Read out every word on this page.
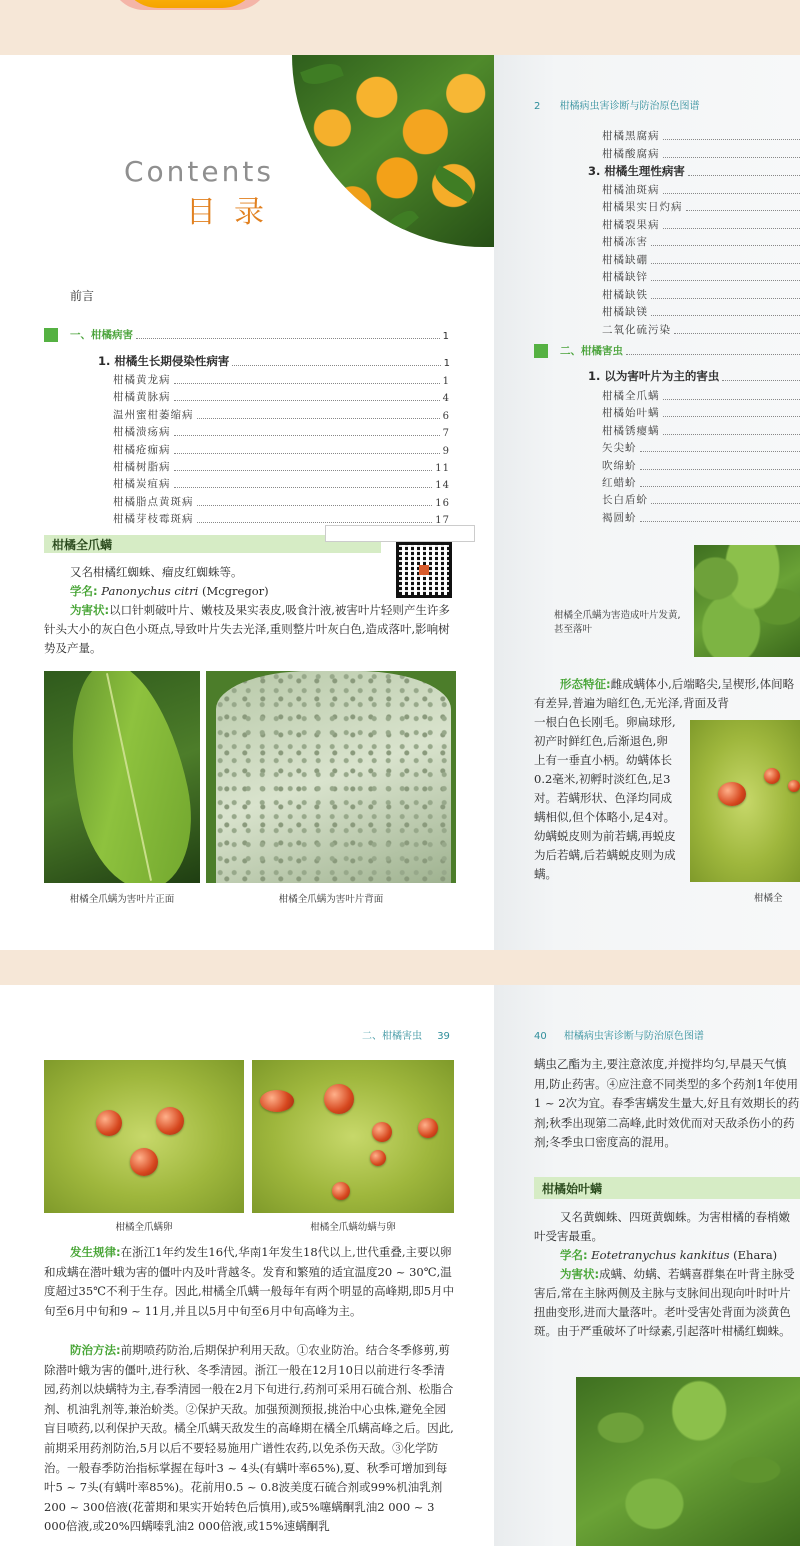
Contents
目录
前言
一、柑橘病害	1
1. 柑橘生长期侵染性病害	1
柑橘黄龙病	1
柑橘黄脉病	4
温州蜜柑萎缩病	6
柑橘溃疡病	7
柑橘疮痂病	9
柑橘树脂病	11
柑橘炭疽病	14
柑橘脂点黄斑病	16
柑橘芽枝霉斑病	17
2 柑橘病虫害诊断与防治原色图谱
柑橘黑腐病
柑橘酸腐病
3. 柑橘生理性病害
柑橘油斑病
柑橘果实日灼病
柑橘裂果病
柑橘冻害
柑橘缺硼
柑橘缺锌
柑橘缺铁
柑橘缺镁
二氧化硫污染
二、柑橘害虫
1. 以为害叶片为主的害虫
柑橘全爪螨
柑橘始叶螨
柑橘锈瘿螨
矢尖蚧
吹绵蚧
红蜡蚧
长白盾蚧
褐圆蚧
柑橘全爪螨
又名柑橘红蜘蛛、瘤皮红蜘蛛等。
学名: Panonychus citri (Mcgregor)
为害状:以口针刺破叶片、嫩枝及果实表皮,吸食汁液,被害叶片轻则产生许多针头大小的灰白色小斑点,导致叶片失去光泽,重则整片叶灰白色,造成落叶,影响树势及产量。
柑橘全爪螨为害叶片正面	柑橘全爪螨为害叶片背面
柑橘全爪螨为害造成叶片发黄,甚至落叶
形态特征:雌成螨体小,后端略尖,呈楔形,体间略有差异,普遍为暗红色,无光泽,背面及背
一根白色长刚毛。卵扁球形,初产时鲜红色,后渐退色,卵上有一垂直小柄。幼螨体长0.2毫米,初孵时淡红色,足3对。若螨形状、色泽均同成螨相似,但个体略小,足4对。幼螨蜕皮则为前若螨,再蜕皮为后若螨,后若螨蜕皮则为成螨。
柑橘全
二、柑橘害虫 39
柑橘全爪螨卵	柑橘全爪螨幼螨与卵
发生规律:在浙江1年约发生16代,华南1年发生18代以上,世代重叠,主要以卵和成螨在潜叶蛾为害的僵叶内及叶背越冬。发育和繁殖的适宜温度20 ~ 30℃,温度超过35℃不利于生存。因此,柑橘全爪螨一般每年有两个明显的高峰期,即5月中旬至6月中旬和9 ~ 11月,并且以5月中旬至6月中旬高峰为主。
防治方法:前期喷药防治,后期保护利用天敌。①农业防治。结合冬季修剪,剪除潜叶蛾为害的僵叶,进行秋、冬季清园。浙江一般在12月10日以前进行冬季清园,药剂以炔螨特为主,春季清园一般在2月下旬进行,药剂可采用石硫合剂、松脂合剂、机油乳剂等,兼治蚧类。②保护天敌。加强预测预报,挑治中心虫株,避免全园盲目喷药,以利保护天敌。橘全爪螨天敌发生的高峰期在橘全爪螨高峰之后。因此,前期采用药剂防治,5月以后不要轻易施用广谱性农药,以免杀伤天敌。③化学防治。一般春季防治指标掌握在每叶3 ~ 4头(有螨叶率65%),夏、秋季可增加到每叶5 ~ 7头(有螨叶率85%)。花前用0.5 ~ 0.8波美度石硫合剂或99%机油乳剂200 ~ 300倍液(花蕾期和果实开始转色后慎用),或5%噻螨酮乳油2 000 ~ 3 000倍液,或20%四螨嗪乳油2 000倍液,或15%速螨酮乳
40 柑橘病虫害诊断与防治原色图谱
螨虫乙酯为主,要注意浓度,并搅拌均匀,早晨天气慎用,防止药害。④应注意不同类型的多个药剂1年使用1 ~ 2次为宜。春季害螨发生量大,好且有效期长的药剂;秋季出现第二高峰,此时效优而对天敌杀伤小的药剂;冬季虫口密度高的混用。
柑橘始叶螨
又名黄蜘蛛、四斑黄蜘蛛。为害柑橘的春梢嫩叶受害最重。
学名: Eotetranychus kankitus (Ehara)
为害状:成螨、幼螨、若螨喜群集在叶背主脉受害后,常在主脉两侧及主脉与支脉间出现向叶时叶片扭曲变形,进而大量落叶。老叶受害处背面为淡黄色斑。由于严重破坏了叶绿素,引起落叶柑橘红蜘蛛。
